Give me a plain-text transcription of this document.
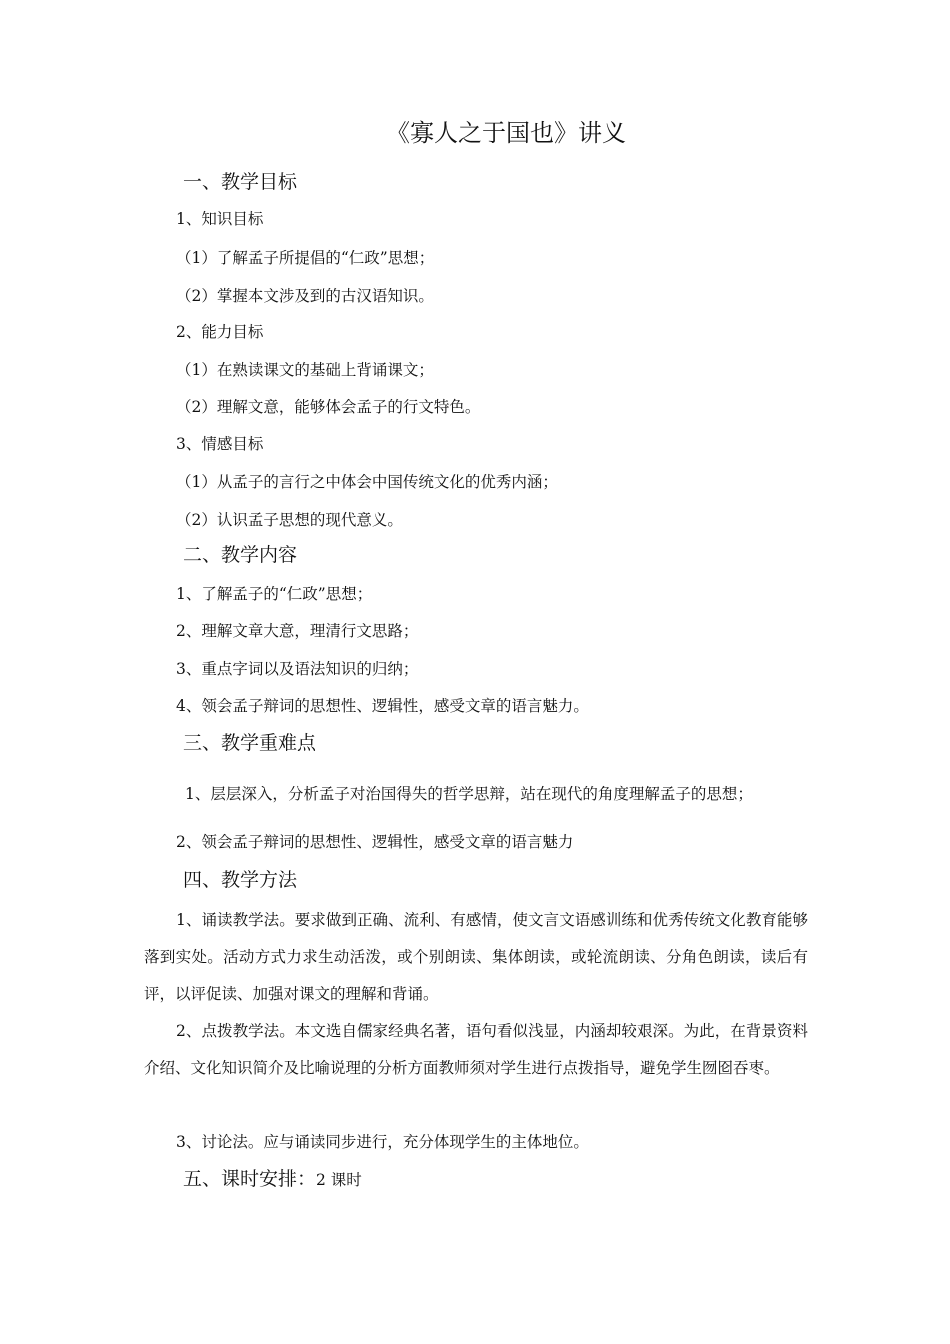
《寡人之于国也》讲义
一、教学目标
1、知识目标
（1）了解孟子所提倡的“仁政”思想；
（2）掌握本文涉及到的古汉语知识。
2、能力目标
（1）在熟读课文的基础上背诵课文；
（2）理解文意，能够体会孟子的行文特色。
3、情感目标
（1）从孟子的言行之中体会中国传统文化的优秀内涵；
（2）认识孟子思想的现代意义。
二、教学内容
1、了解孟子的“仁政”思想；
2、理解文章大意，理清行文思路；
3、重点字词以及语法知识的归纳；
4、领会孟子辩词的思想性、逻辑性，感受文章的语言魅力。
三、教学重难点
1、层层深入，分析孟子对治国得失的哲学思辩，站在现代的角度理解孟子的思想；
2、领会孟子辩词的思想性、逻辑性，感受文章的语言魅力
四、教学方法
1、诵读教学法。要求做到正确、流利、有感情，使文言文语感训练和优秀传统文化教育能够落到实处。活动方式力求生动活泼，或个别朗读、集体朗读，或轮流朗读、分角色朗读，读后有评，以评促读、加强对课文的理解和背诵。
2、点拨教学法。本文选自儒家经典名著，语句看似浅显，内涵却较艰深。为此，在背景资料介绍、文化知识简介及比喻说理的分析方面教师须对学生进行点拨指导，避免学生囫囵吞枣。
3、讨论法。应与诵读同步进行，充分体现学生的主体地位。
五、课时安排：2 课时
